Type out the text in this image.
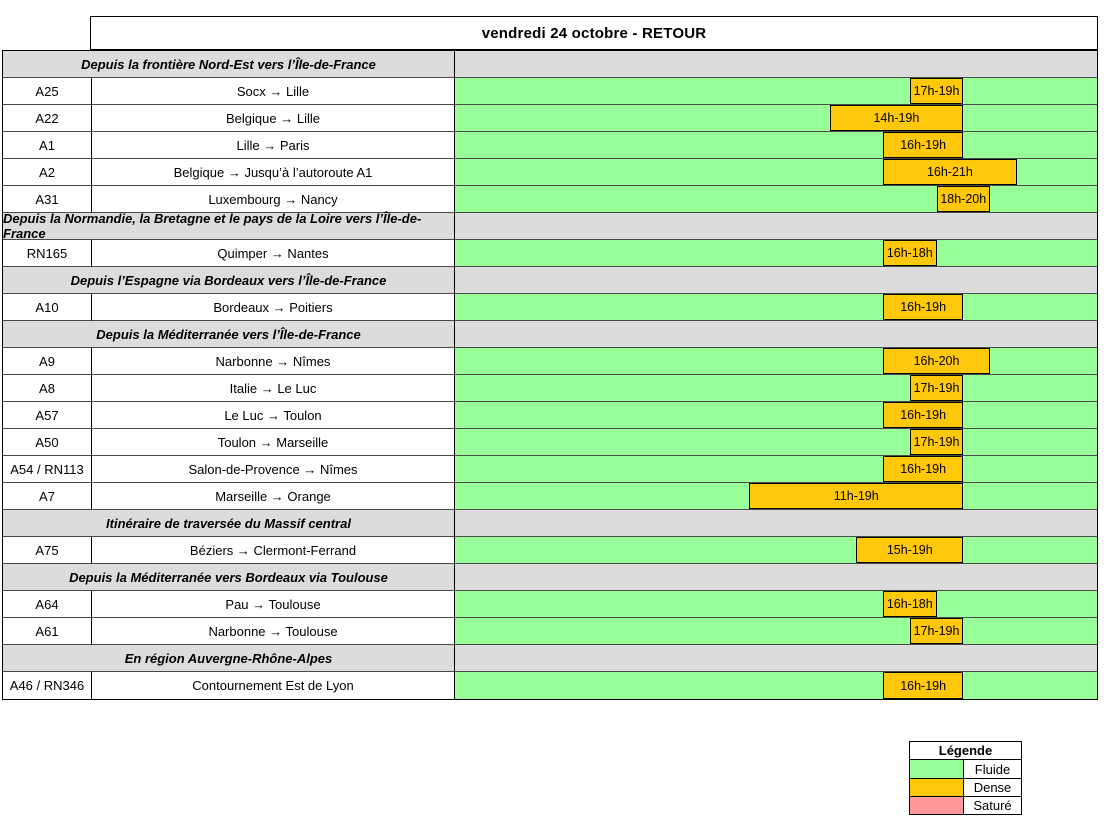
vendredi 24 octobre - RETOUR
Depuis la frontière Nord-Est vers l’Île-de-France
A25	Socx → Lille	17h-19h
A22	Belgique → Lille	14h-19h
A1	Lille → Paris	16h-19h
A2	Belgique → Jusqu’à l’autoroute A1	16h-21h
A31	Luxembourg → Nancy	18h-20h
Depuis la Normandie, la Bretagne et le pays de la Loire vers l’Île-de-France
RN165	Quimper → Nantes	16h-18h
Depuis l’Espagne via Bordeaux vers l’Île-de-France
A10	Bordeaux → Poitiers	16h-19h
Depuis la Méditerranée vers l’Île-de-France
A9	Narbonne → Nîmes	16h-20h
A8	Italie → Le Luc	17h-19h
A57	Le Luc → Toulon	16h-19h
A50	Toulon → Marseille	17h-19h
A54 / RN113	Salon-de-Provence → Nîmes	16h-19h
A7	Marseille → Orange	11h-19h
Itinéraire de traversée du Massif central
A75	Béziers → Clermont-Ferrand	15h-19h
Depuis la Méditerranée vers Bordeaux via Toulouse
A64	Pau → Toulouse	16h-18h
A61	Narbonne → Toulouse	17h-19h
En région Auvergne-Rhône-Alpes
A46 / RN346	Contournement Est de Lyon	16h-19h
Légende
Fluide
Dense
Saturé
